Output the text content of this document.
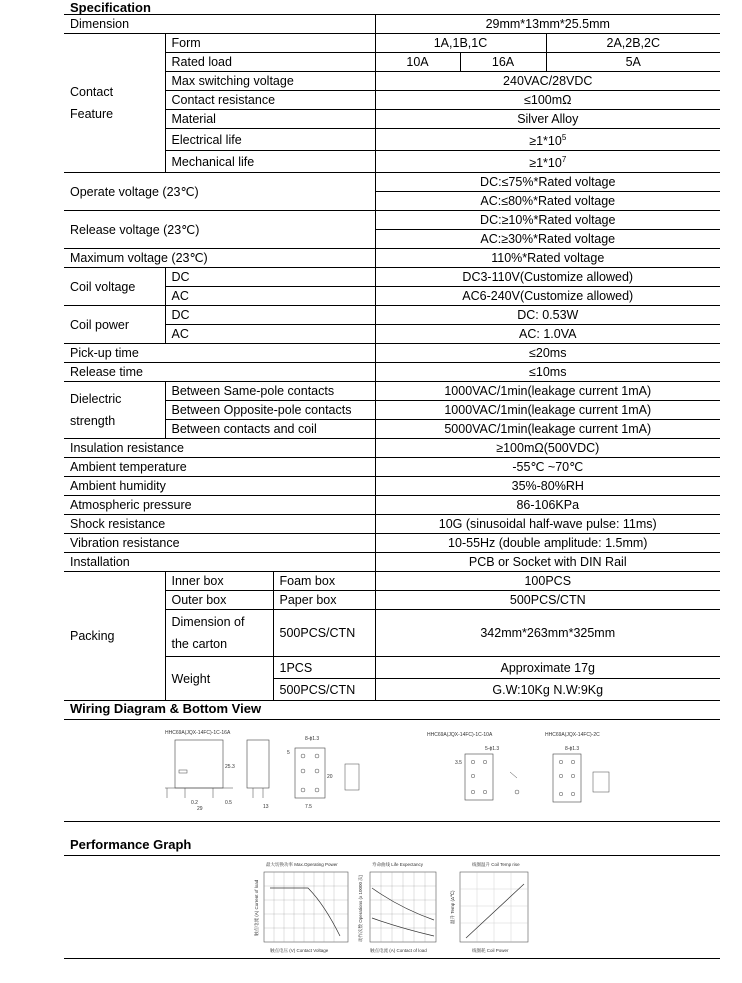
Specification
Dimension			29mm*13mm*25.5mm		
Contact
Feature	Form		1A,1B,1C		2A,2B,2C
	Rated load		10A	16A	5A
	Max switching voltage		240VAC/28VDC		
	Contact resistance		≤100mΩ		
	Material		Silver Alloy		
	Electrical life		$\ge 1*10^5$
	Mechanical life		$\ge 1*10^7$
Operate voltage (23℃)			DC:≤75%*Rated voltage		
			AC:≤80%*Rated voltage		
Release voltage (23℃)			DC:≥10%*Rated voltage		
			AC:≥30%*Rated voltage		
Maximum voltage (23℃)			110%*Rated voltage		
Coil voltage	DC		DC3-110V(Customize allowed)		
	AC		AC6-240V(Customize allowed)		
Coil power	DC		DC: 0.53W		
	AC		AC: 1.0VA		
Pick-up time			≤20ms		
Release time			≤10ms		
Dielectric
strength	Between Same-pole contacts		1000VAC/1min(leakage current 1mA)		
	Between Opposite-pole contacts		1000VAC/1min(leakage current 1mA)		
	Between contacts and coil		5000VAC/1min(leakage current 1mA)		
Insulation resistance			≥100mΩ(500VDC)		
Ambient temperature			-55℃ ~70℃		
Ambient humidity			35%-80%RH		
Atmospheric pressure			86-106KPa		
Shock resistance			10G (sinusoidal half-wave pulse: 11ms)		
Vibration resistance			10-55Hz (double amplitude: 1.5mm)		
Installation			PCB or Socket with DIN Rail		
Packing	Inner box	Foam box	100PCS		
	Outer box	Paper box	500PCS/CTN		
	Dimension of
the carton	500PCS/CTN	342mm*263mm*325mm		
	Weight	1PCS	Approximate 17g		
		500PCS/CTN	G.W:10Kg N.W:9Kg		
Wiring Diagram & Bottom View
HHC69A(JQX-14FC)-1C-16A
25.3
29	13
8-ϕ1.3
20
7.5
0.2	0.5
5
HHC69A(JQX-14FC)-1C-10A
5-ϕ1.3
3.5
HHC69A(JQX-14FC)-2C
8-ϕ1.3
Performance Graph
最大切换功率 Max.Operating Power
触点电压 (V) Contact Voltage
触点电流 (A) Current of load
寿命曲线 Life Expectancy
触点电流 (A) Contact of load
动作次数 Operations (x 10000 次)
线圈温升 Coil Temp rise
线圈耗 Coil Power
温升 Temp (Δ℃)
